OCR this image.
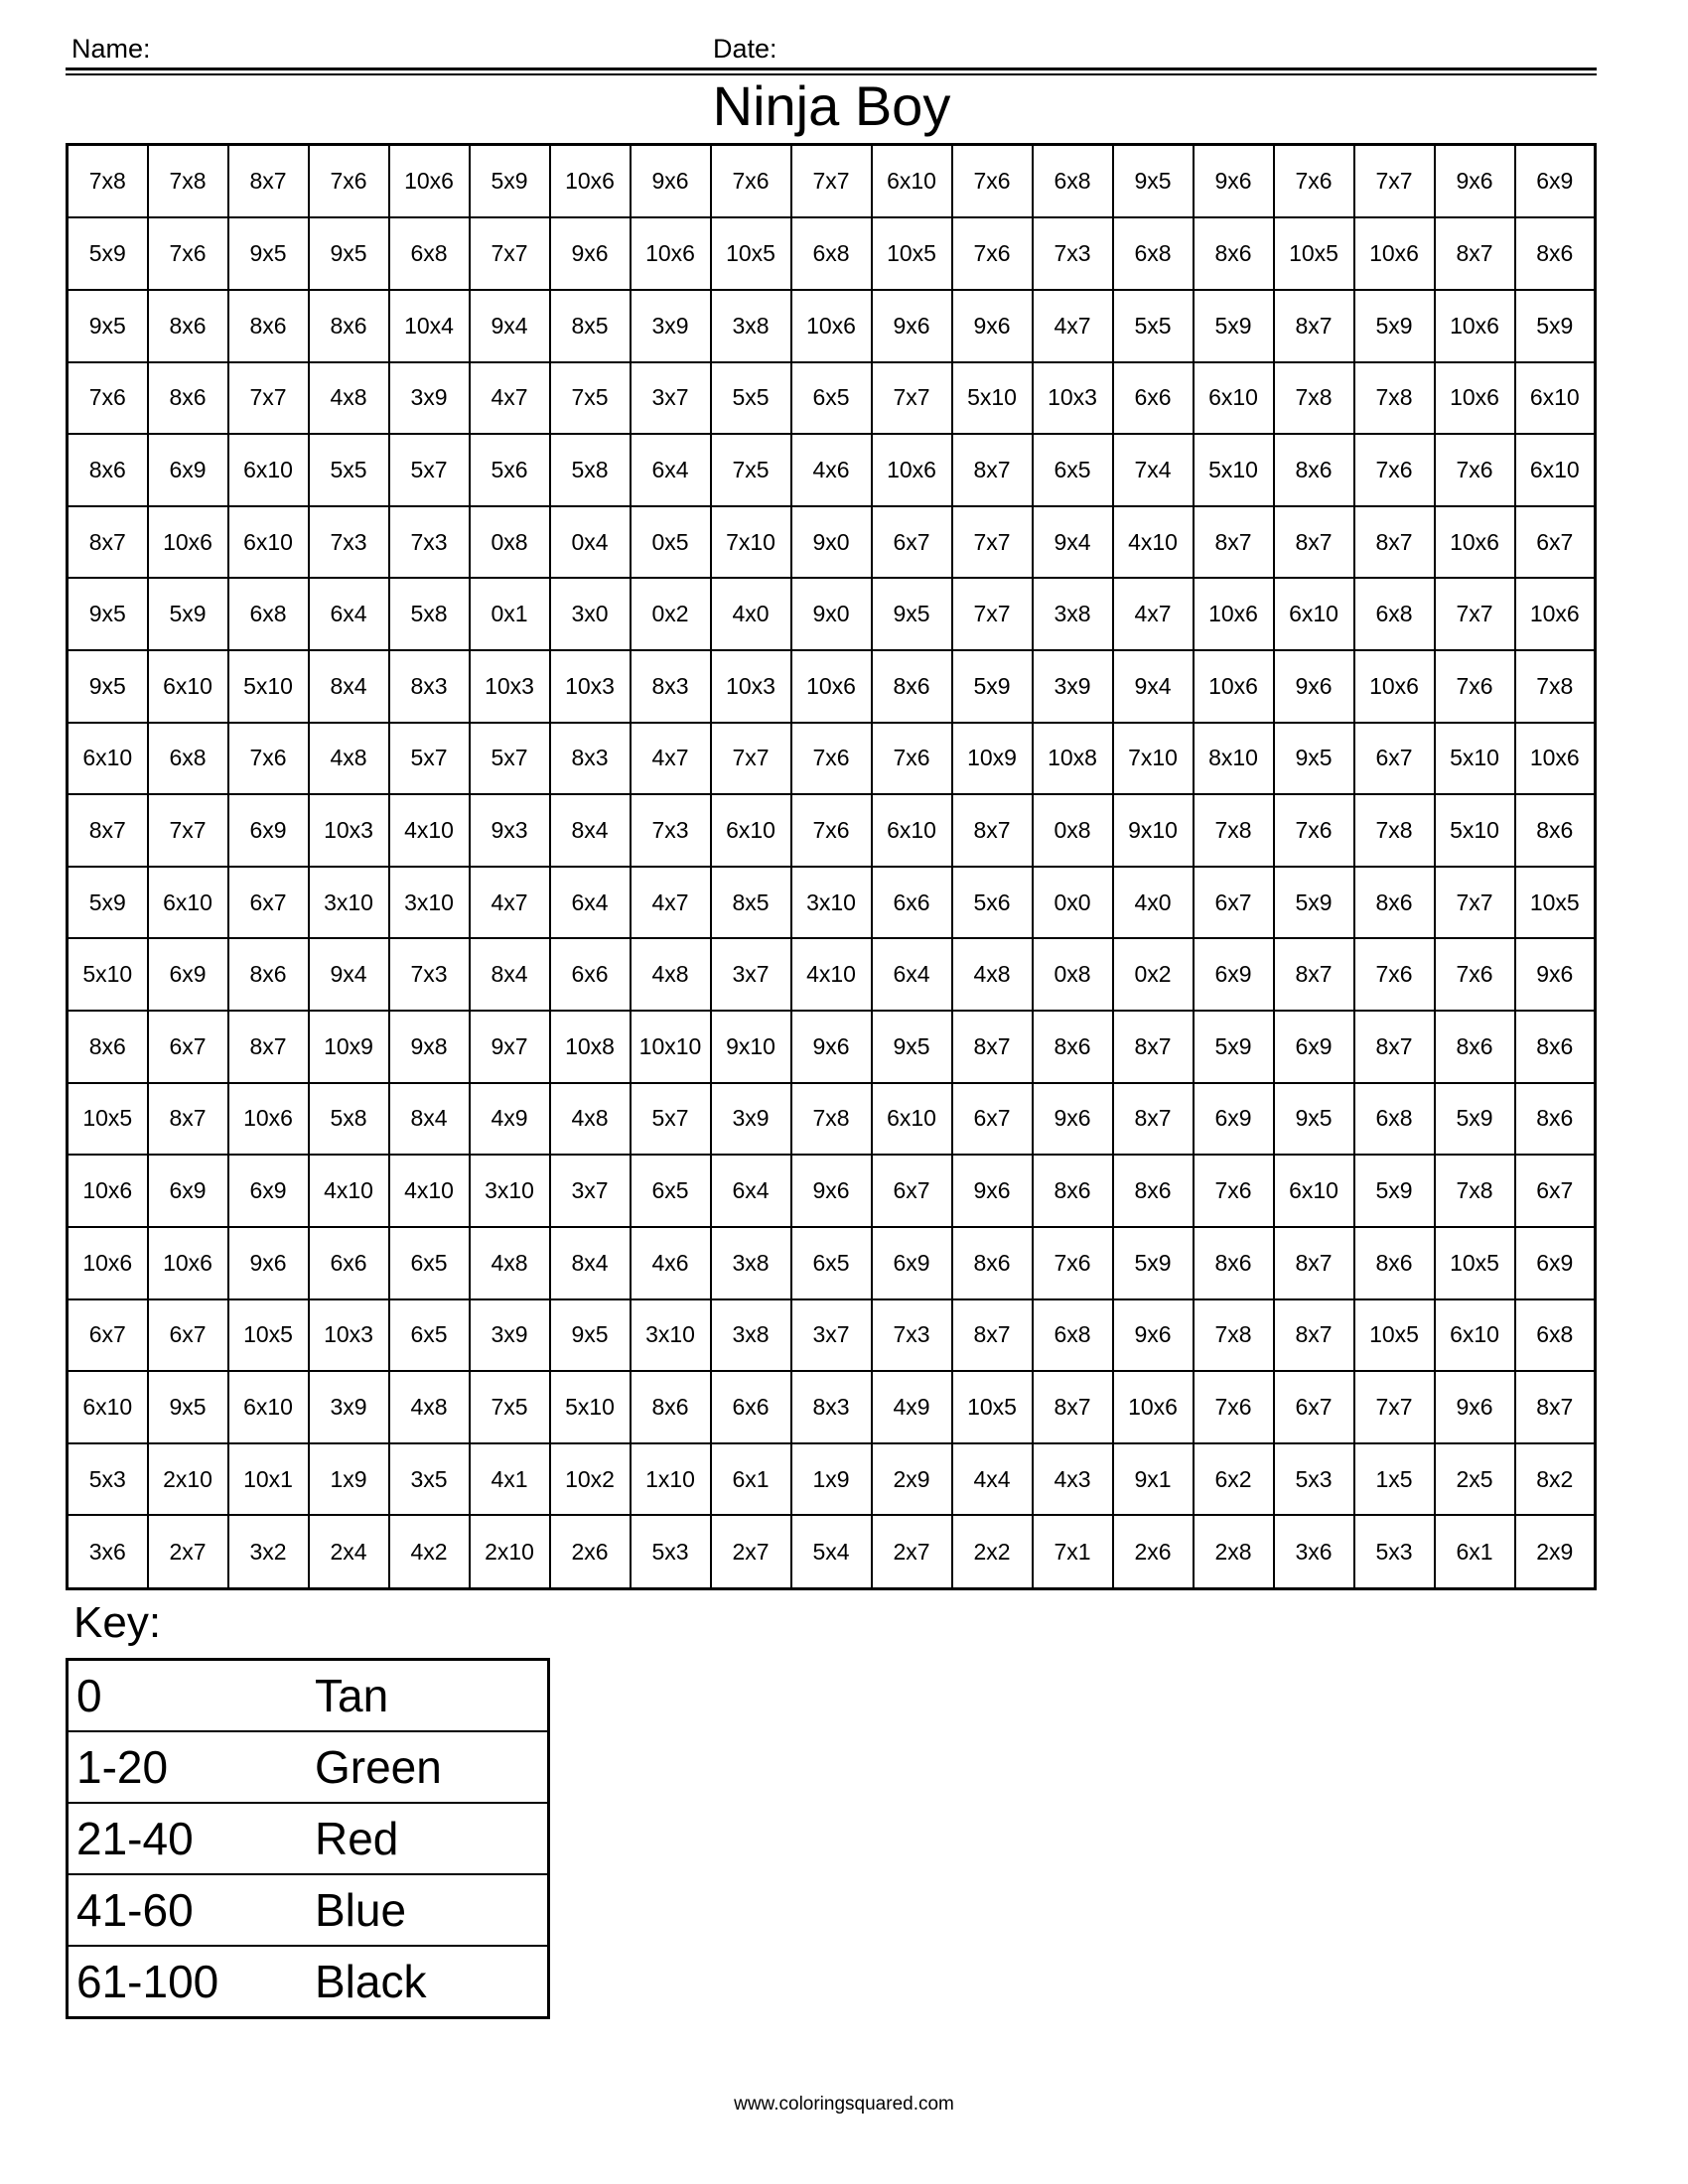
Name:	Date:
Ninja Boy
7x8	7x8	8x7	7x6	10x6	5x9	10x6	9x6	7x6	7x7	6x10	7x6	6x8	9x5	9x6	7x6	7x7	9x6	6x9
5x9	7x6	9x5	9x5	6x8	7x7	9x6	10x6	10x5	6x8	10x5	7x6	7x3	6x8	8x6	10x5	10x6	8x7	8x6
9x5	8x6	8x6	8x6	10x4	9x4	8x5	3x9	3x8	10x6	9x6	9x6	4x7	5x5	5x9	8x7	5x9	10x6	5x9
7x6	8x6	7x7	4x8	3x9	4x7	7x5	3x7	5x5	6x5	7x7	5x10	10x3	6x6	6x10	7x8	7x8	10x6	6x10
8x6	6x9	6x10	5x5	5x7	5x6	5x8	6x4	7x5	4x6	10x6	8x7	6x5	7x4	5x10	8x6	7x6	7x6	6x10
8x7	10x6	6x10	7x3	7x3	0x8	0x4	0x5	7x10	9x0	6x7	7x7	9x4	4x10	8x7	8x7	8x7	10x6	6x7
9x5	5x9	6x8	6x4	5x8	0x1	3x0	0x2	4x0	9x0	9x5	7x7	3x8	4x7	10x6	6x10	6x8	7x7	10x6
9x5	6x10	5x10	8x4	8x3	10x3	10x3	8x3	10x3	10x6	8x6	5x9	3x9	9x4	10x6	9x6	10x6	7x6	7x8
6x10	6x8	7x6	4x8	5x7	5x7	8x3	4x7	7x7	7x6	7x6	10x9	10x8	7x10	8x10	9x5	6x7	5x10	10x6
8x7	7x7	6x9	10x3	4x10	9x3	8x4	7x3	6x10	7x6	6x10	8x7	0x8	9x10	7x8	7x6	7x8	5x10	8x6
5x9	6x10	6x7	3x10	3x10	4x7	6x4	4x7	8x5	3x10	6x6	5x6	0x0	4x0	6x7	5x9	8x6	7x7	10x5
5x10	6x9	8x6	9x4	7x3	8x4	6x6	4x8	3x7	4x10	6x4	4x8	0x8	0x2	6x9	8x7	7x6	7x6	9x6
8x6	6x7	8x7	10x9	9x8	9x7	10x8	10x10	9x10	9x6	9x5	8x7	8x6	8x7	5x9	6x9	8x7	8x6	8x6
10x5	8x7	10x6	5x8	8x4	4x9	4x8	5x7	3x9	7x8	6x10	6x7	9x6	8x7	6x9	9x5	6x8	5x9	8x6
10x6	6x9	6x9	4x10	4x10	3x10	3x7	6x5	6x4	9x6	6x7	9x6	8x6	8x6	7x6	6x10	5x9	7x8	6x7
10x6	10x6	9x6	6x6	6x5	4x8	8x4	4x6	3x8	6x5	6x9	8x6	7x6	5x9	8x6	8x7	8x6	10x5	6x9
6x7	6x7	10x5	10x3	6x5	3x9	9x5	3x10	3x8	3x7	7x3	8x7	6x8	9x6	7x8	8x7	10x5	6x10	6x8
6x10	9x5	6x10	3x9	4x8	7x5	5x10	8x6	6x6	8x3	4x9	10x5	8x7	10x6	7x6	6x7	7x7	9x6	8x7
5x3	2x10	10x1	1x9	3x5	4x1	10x2	1x10	6x1	1x9	2x9	4x4	4x3	9x1	6x2	5x3	1x5	2x5	8x2
3x6	2x7	3x2	2x4	4x2	2x10	2x6	5x3	2x7	5x4	2x7	2x2	7x1	2x6	2x8	3x6	5x3	6x1	2x9
Key:
0	Tan
1-20	Green
21-40	Red
41-60	Blue
61-100	Black
www.coloringsquared.com
